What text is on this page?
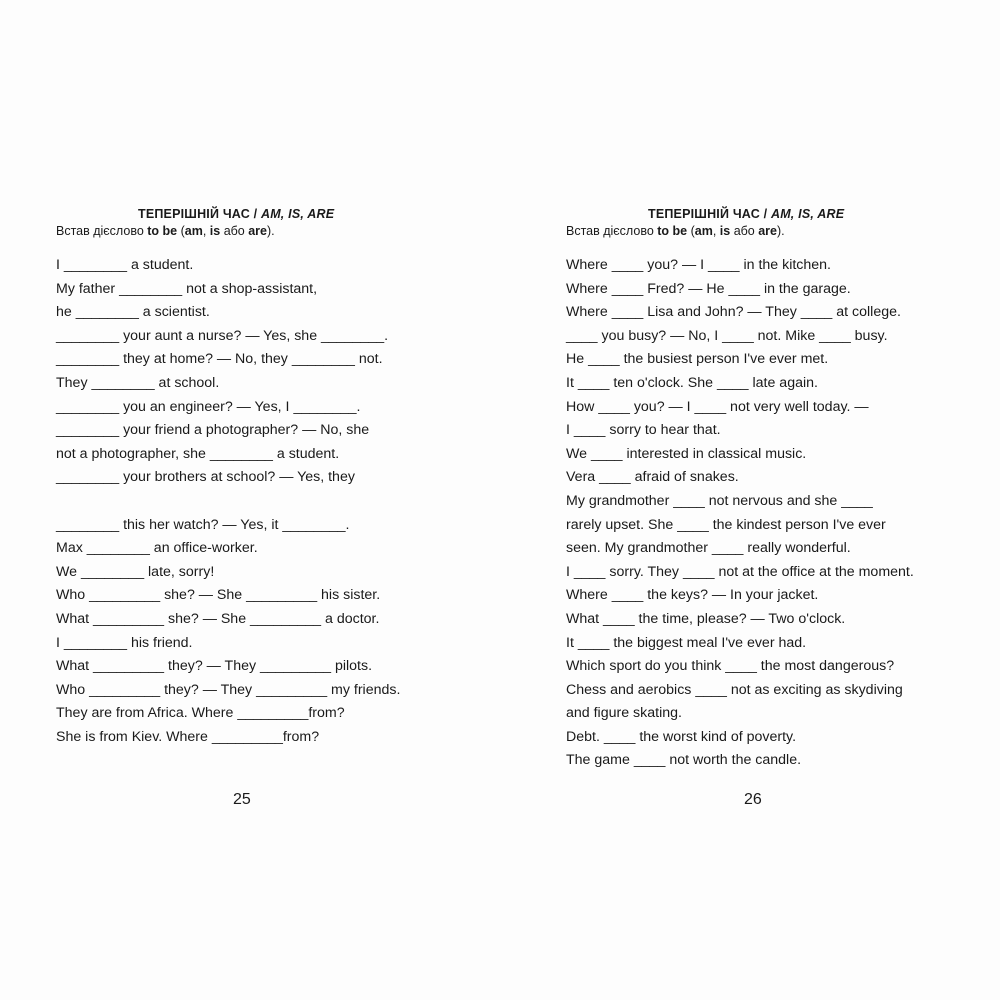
ТЕПЕРІШНІЙ ЧАС / AM, IS, ARE
Встав дієслово to be (am, is або are).
I ________ a student.
My father ________ not a shop-assistant,
he ________ a scientist.
________ your aunt a nurse? — Yes, she ________.
________ they at home? — No, they ________ not.
They ________ at school.
________ you an engineer? — Yes, I ________.
________ your friend a photographer? — No, she
not a photographer, she ________ a student.
________ your brothers at school? — Yes, they
________ this her watch? — Yes, it ________.
Max ________ an office-worker.
We ________ late, sorry!
Who _________ she? — She _________ his sister.
What _________ she? — She _________ a doctor.
I ________ his friend.
What _________ they? — They _________ pilots.
Who _________ they? — They _________ my friends.
They are from Africa. Where _________from?
She is from Kiev. Where _________from?
ТЕПЕРІШНІЙ ЧАС / AM, IS, ARE
Встав дієслово to be (am, is або are).
Where ____ you? — I ____ in the kitchen.
Where ____ Fred? — He ____ in the garage.
Where ____ Lisa and John? — They ____ at college.
____ you busy? — No, I ____ not. Mike ____ busy.
He ____ the busiest person I've ever met.
It ____ ten o'clock. She ____ late again.
How ____ you? — I ____ not very well today. —
I ____ sorry to hear that.
We ____ interested in classical music.
Vera ____ afraid of snakes.
My grandmother ____ not nervous and she ____
rarely upset. She ____ the kindest person I've ever
seen. My grandmother ____ really wonderful.
I ____ sorry. They ____ not at the office at the moment.
Where ____ the keys? — In your jacket.
What ____ the time, please? — Two o'clock.
It ____ the biggest meal I've ever had.
Which sport do you think ____ the most dangerous?
Chess and aerobics ____ not as exciting as skydiving
and figure skating.
Debt. ____ the worst kind of poverty.
The game ____ not worth the candle.
25	26
